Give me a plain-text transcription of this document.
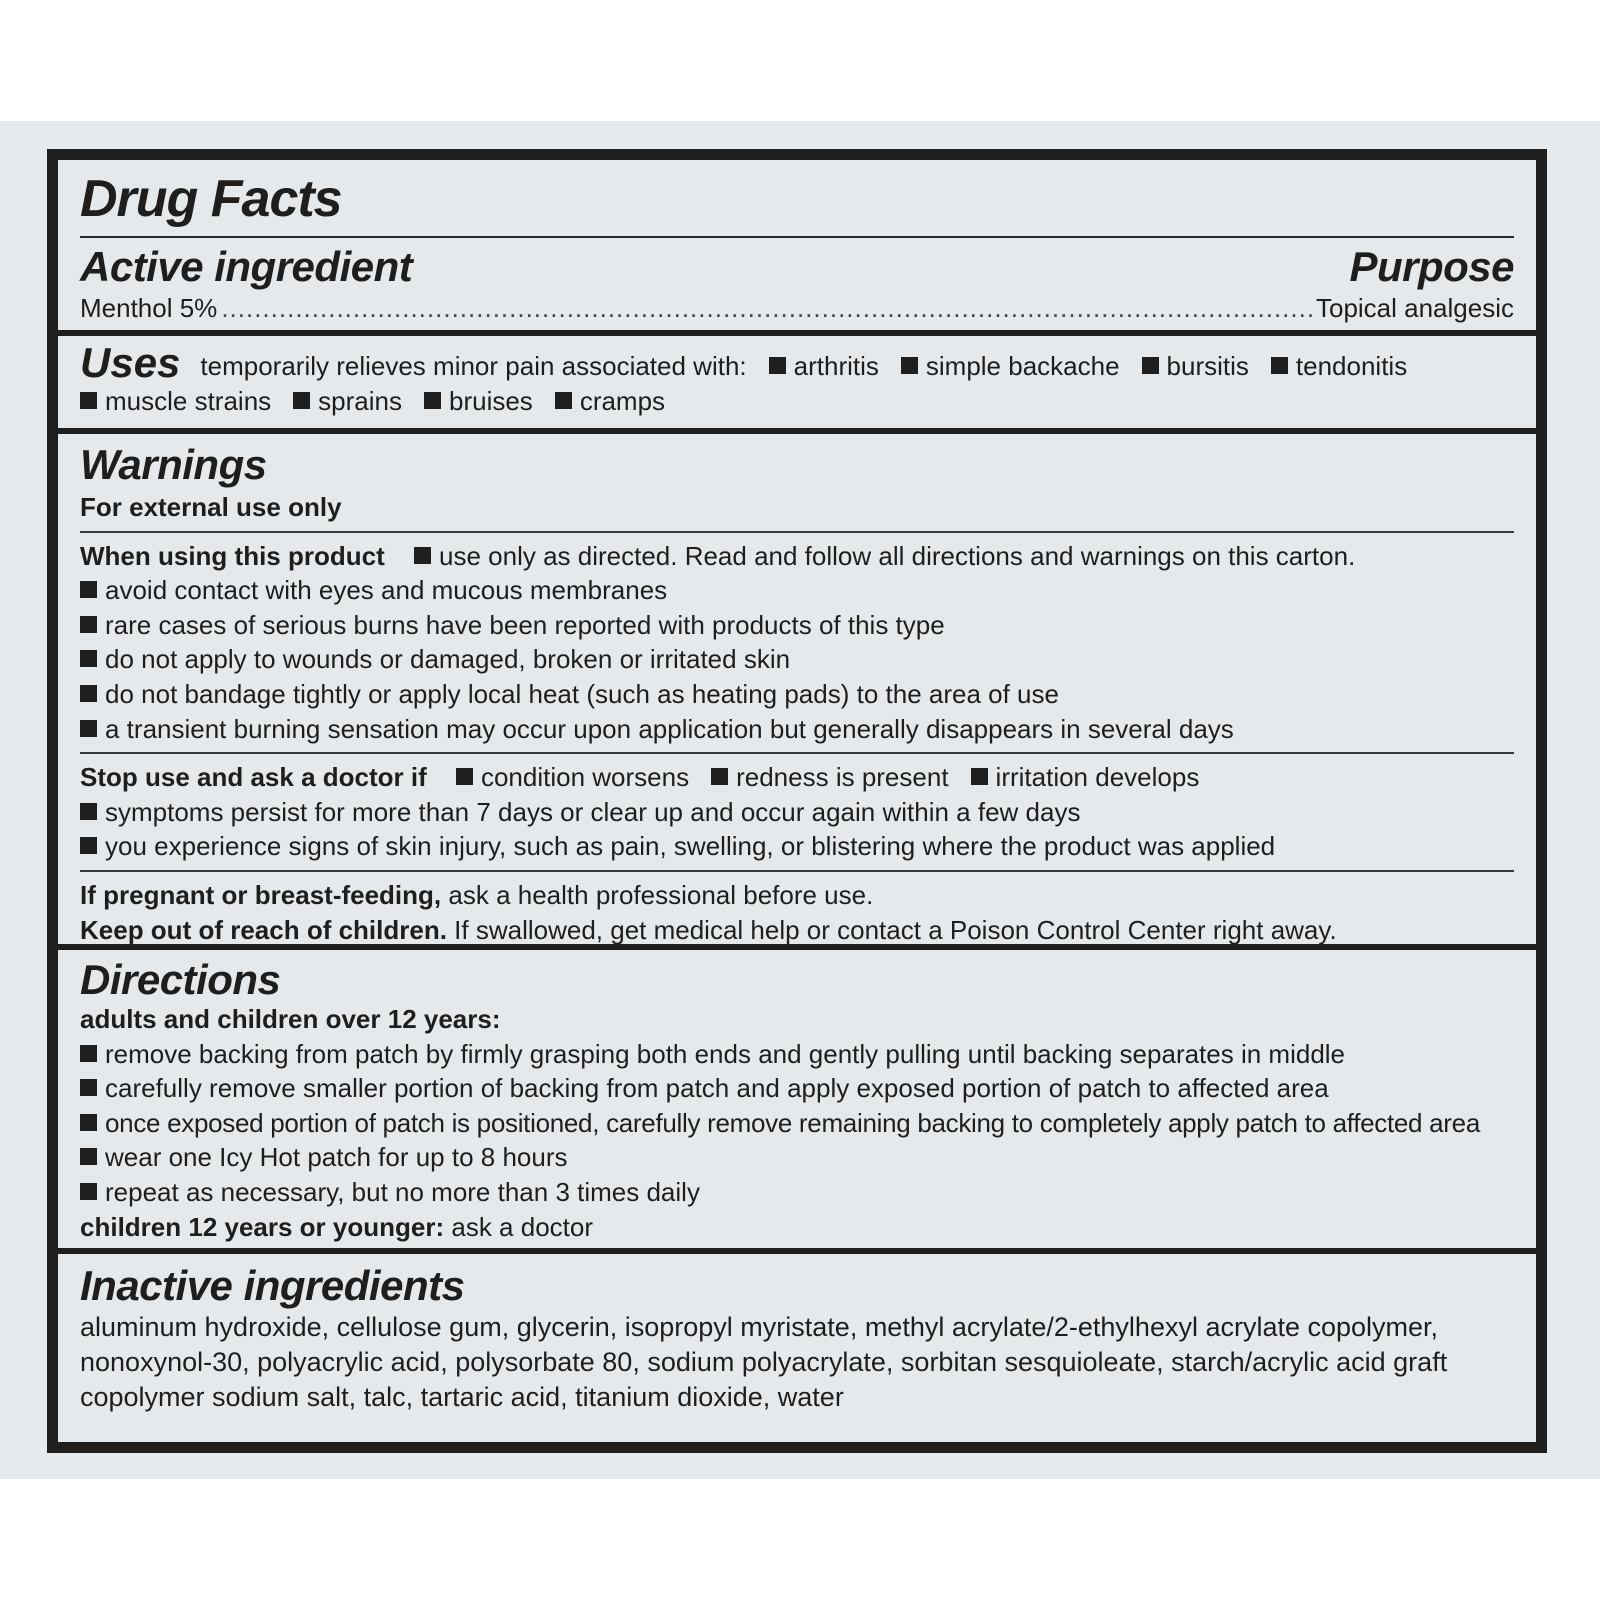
Drug Facts
Active ingredient	Purpose
Menthol 5%
.....	Topical analgesic
Uses temporarily relieves minor pain associated with: arthritis simple backache bursitis tendonitis
muscle strains sprains bruises cramps
Warnings
For external use only
When using this product use only as directed. Read and follow all directions and warnings on this carton.
avoid contact with eyes and mucous membranes
rare cases of serious burns have been reported with products of this type
do not apply to wounds or damaged, broken or irritated skin
do not bandage tightly or apply local heat (such as heating pads) to the area of use
a transient burning sensation may occur upon application but generally disappears in several days
Stop use and ask a doctor if condition worsens redness is present irritation develops
symptoms persist for more than 7 days or clear up and occur again within a few days
you experience signs of skin injury, such as pain, swelling, or blistering where the product was applied
If pregnant or breast-feeding, ask a health professional before use.
Keep out of reach of children. If swallowed, get medical help or contact a Poison Control Center right away.
Directions
adults and children over 12 years:
remove backing from patch by firmly grasping both ends and gently pulling until backing separates in middle
carefully remove smaller portion of backing from patch and apply exposed portion of patch to affected area
once exposed portion of patch is positioned, carefully remove remaining backing to completely apply patch to affected area
wear one Icy Hot patch for up to 8 hours
repeat as necessary, but no more than 3 times daily
children 12 years or younger: ask a doctor
Inactive ingredients
aluminum hydroxide, cellulose gum, glycerin, isopropyl myristate, methyl acrylate/2-ethylhexyl acrylate copolymer,
nonoxynol-30, polyacrylic acid, polysorbate 80, sodium polyacrylate, sorbitan sesquioleate, starch/acrylic acid graft
copolymer sodium salt, talc, tartaric acid, titanium dioxide, water
